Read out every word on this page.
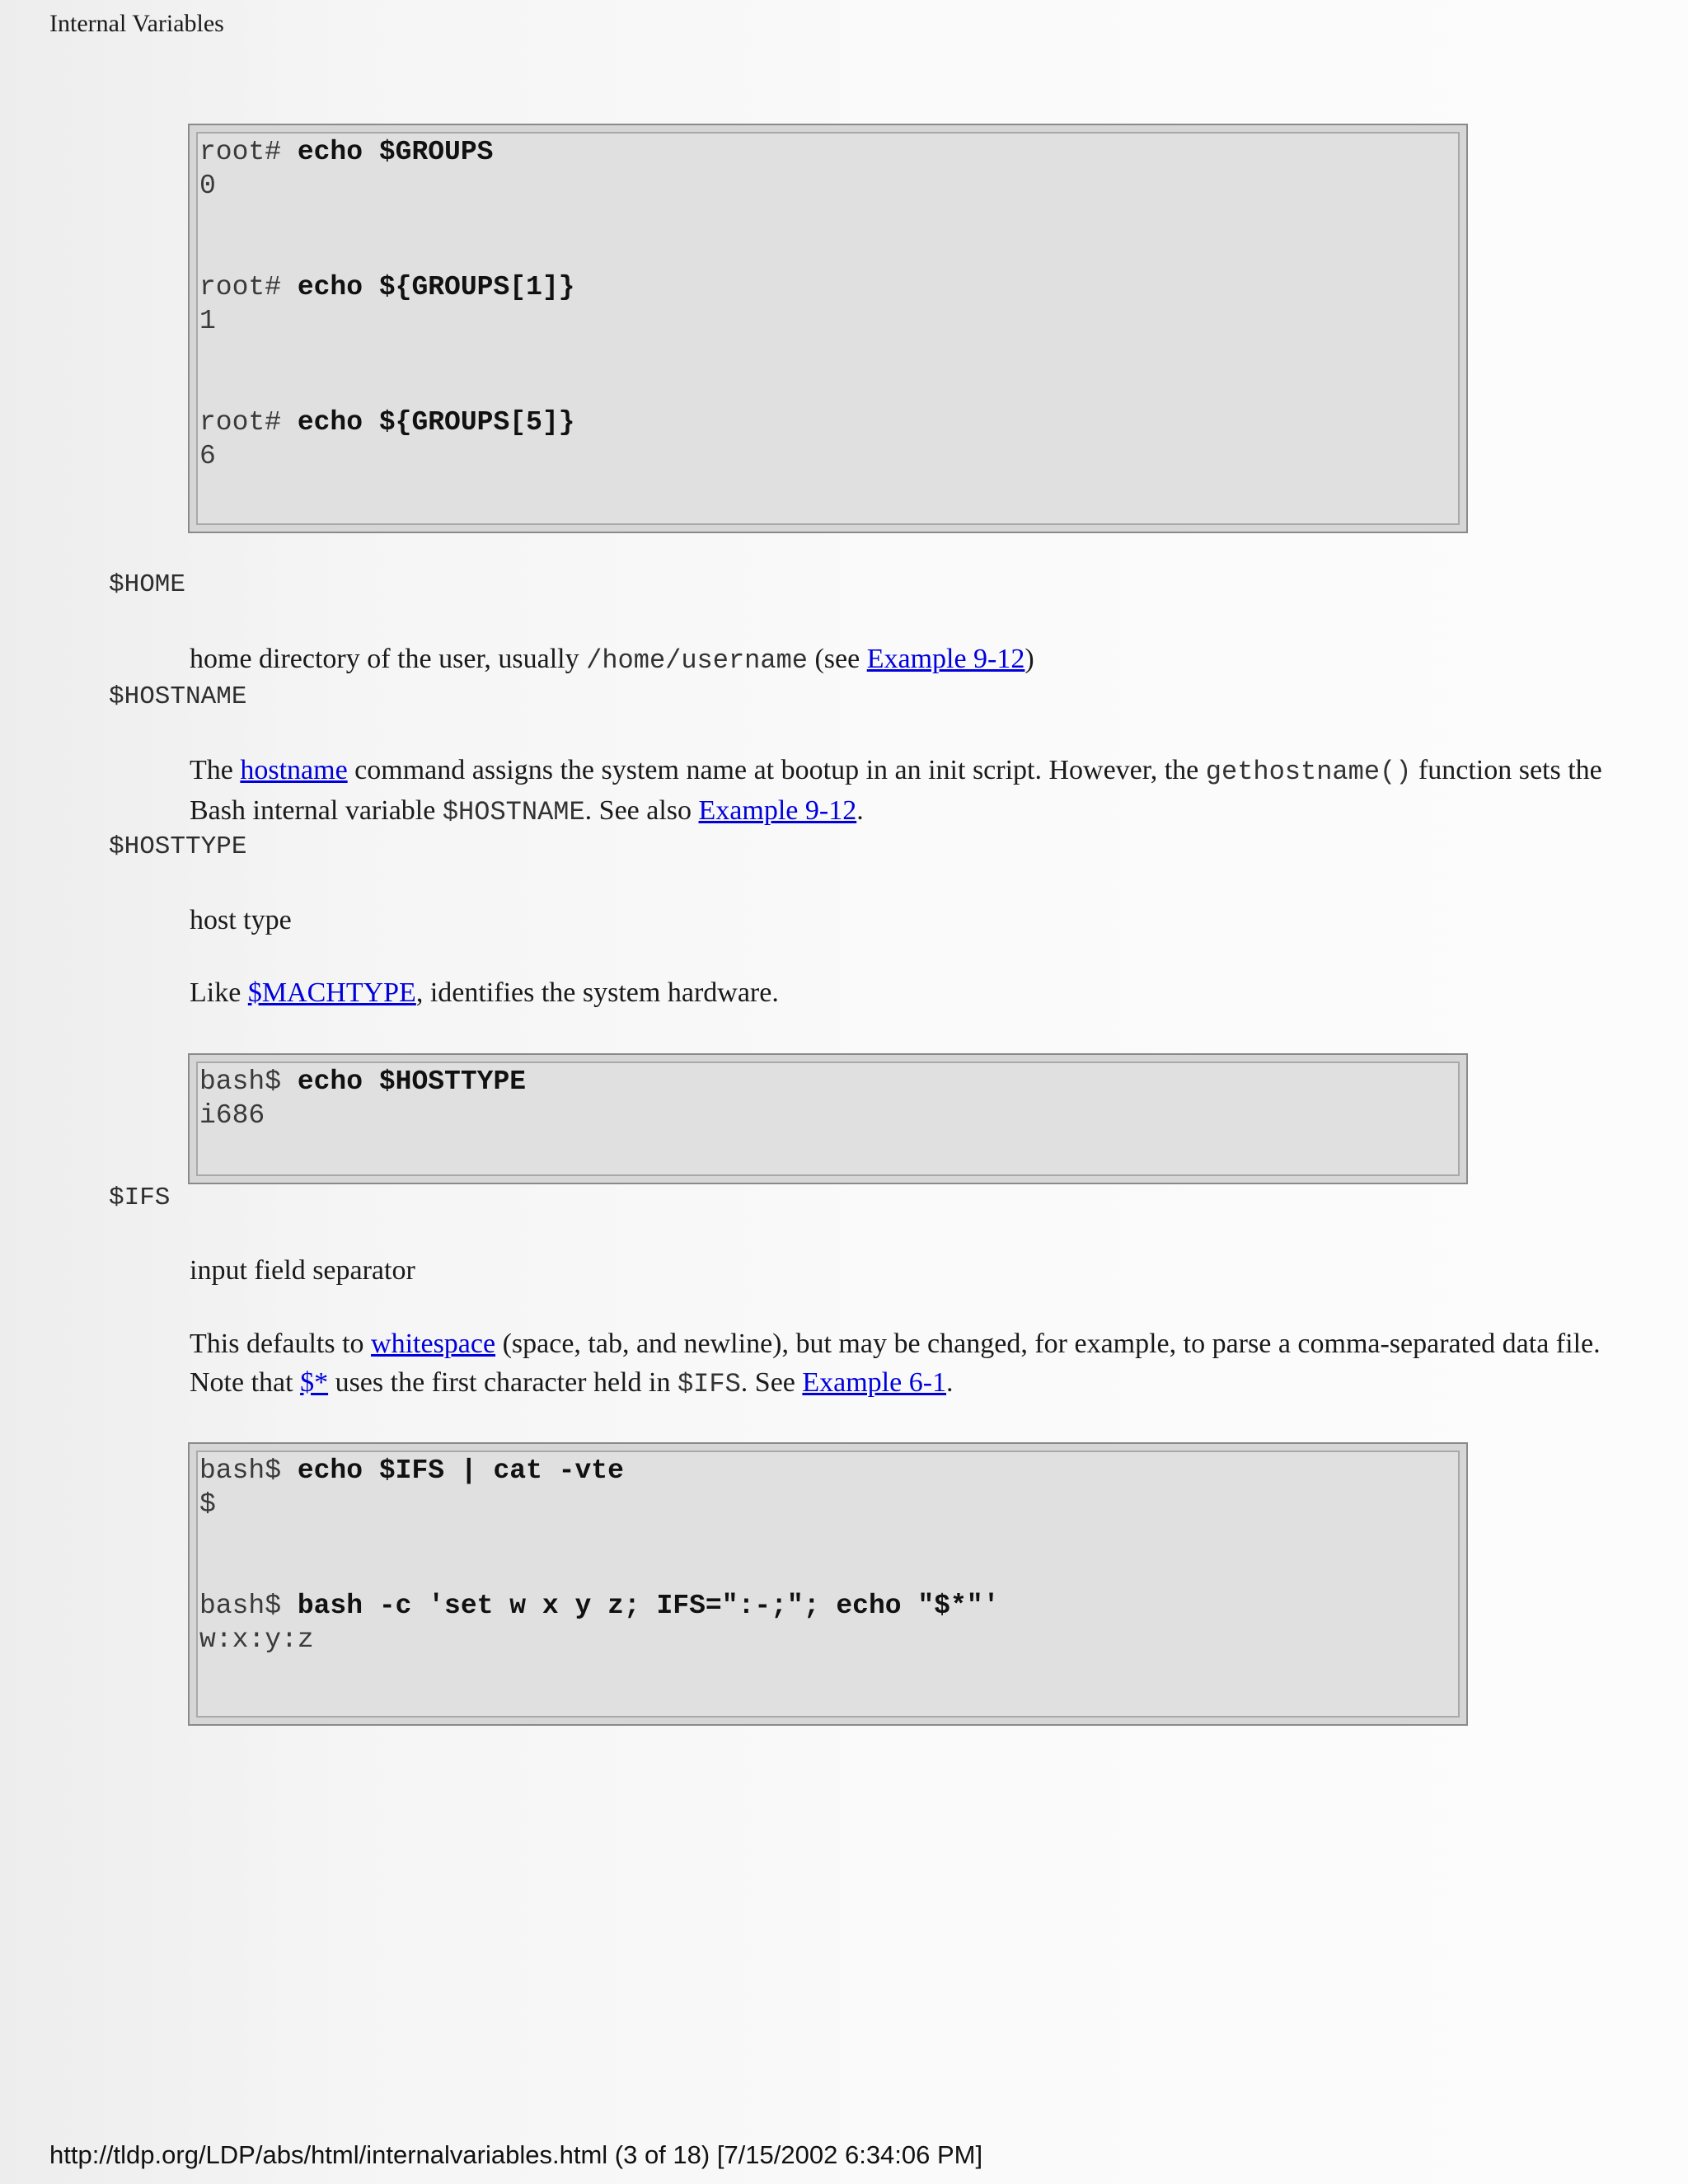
Internal Variables
root# echo $GROUPS
0

root# echo ${GROUPS[1]}
1

root# echo ${GROUPS[5]}
6
$HOME
home directory of the user, usually /home/username (see Example 9-12)
$HOSTNAME
The hostname command assigns the system name at bootup in an init script. However, the gethostname() function sets the Bash internal variable $HOSTNAME. See also Example 9-12.
$HOSTTYPE
host type
Like $MACHTYPE, identifies the system hardware.
bash$ echo $HOSTTYPE
i686
$IFS
input field separator
This defaults to whitespace (space, tab, and newline), but may be changed, for example, to parse a comma-separated data file. Note that $* uses the first character held in $IFS. See Example 6-1.
bash$ echo $IFS | cat -vte
$

bash$ bash -c 'set w x y z; IFS=":-;"; echo "$*"'
w:x:y:z
http://tldp.org/LDP/abs/html/internalvariables.html (3 of 18) [7/15/2002 6:34:06 PM]
